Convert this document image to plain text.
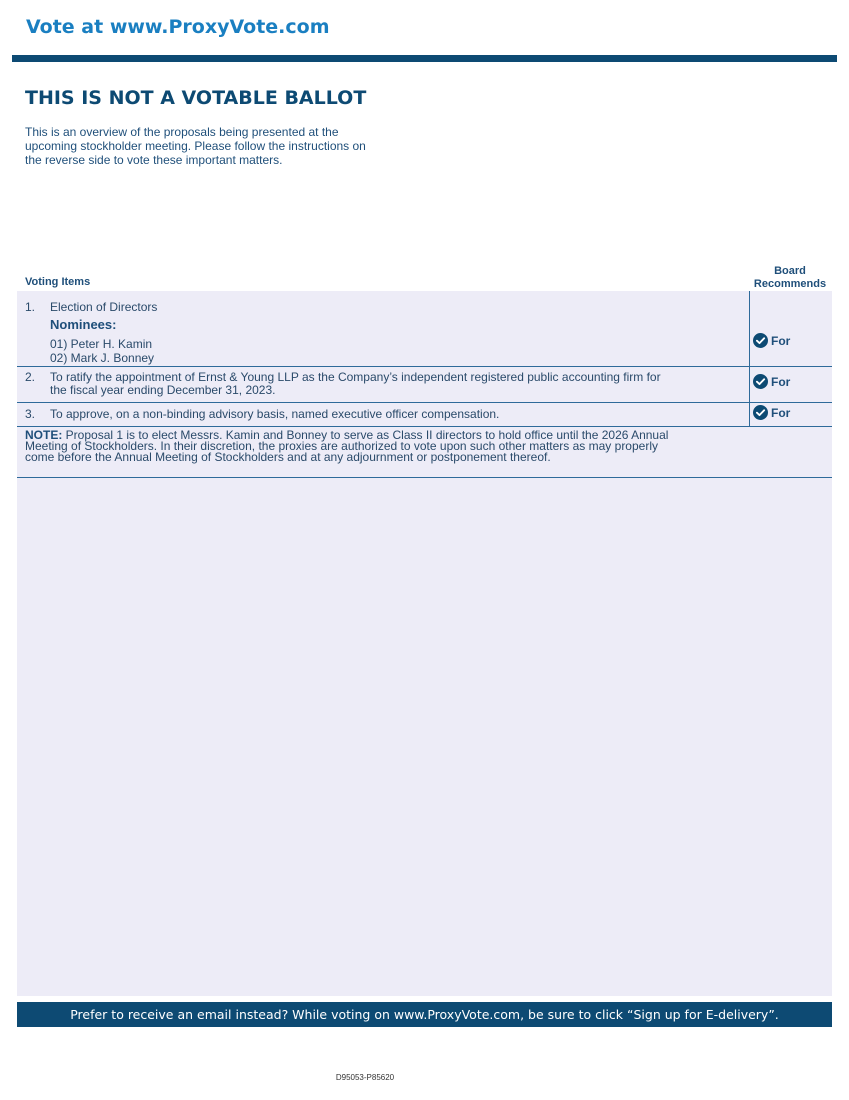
Vote at www.ProxyVote.com
THIS IS NOT A VOTABLE BALLOT
This is an overview of the proposals being presented at the
upcoming stockholder meeting. Please follow the instructions on
the reverse side to vote these important matters.
Voting Items
Board
Recommends
1. Election of Directors
Nominees:
01) Peter H. Kamin
02) Mark J. Bonney
For
2. To ratify the appointment of Ernst & Young LLP as the Company’s independent registered public accounting firm for
the fiscal year ending December 31, 2023.
For
3. To approve, on a non-binding advisory basis, named executive officer compensation.	For
NOTE: Proposal 1 is to elect Messrs. Kamin and Bonney to serve as Class II directors to hold office until the 2026 Annual
Meeting of Stockholders. In their discretion, the proxies are authorized to vote upon such other matters as may properly
come before the Annual Meeting of Stockholders and at any adjournment or postponement thereof.
Prefer to receive an email instead? While voting on www.ProxyVote.com, be sure to click “Sign up for E-delivery”.
D95053-P85620
